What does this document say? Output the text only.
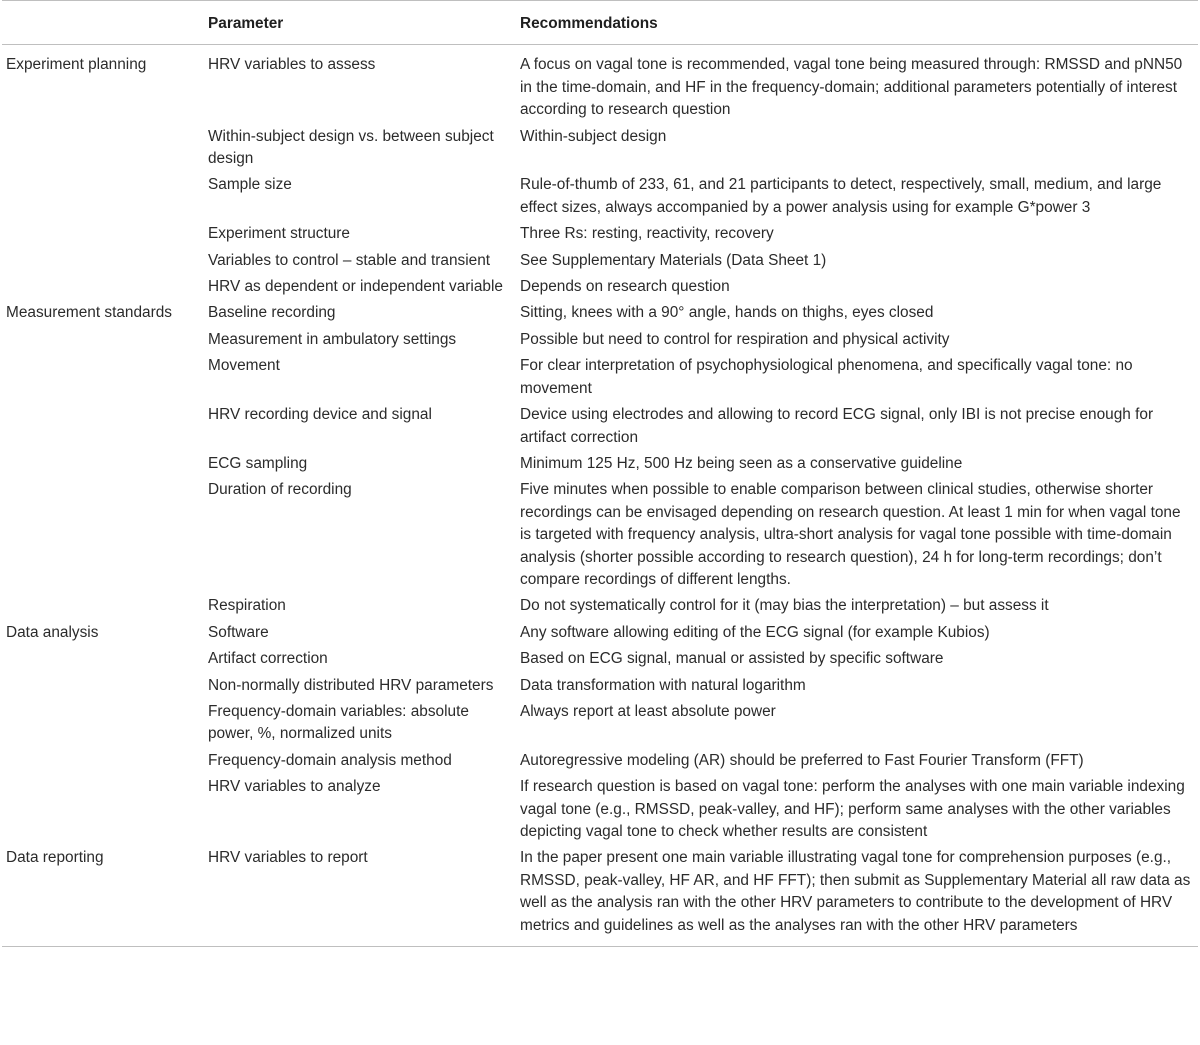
	Parameter	Recommendations
Experiment planning	HRV variables to assess	A focus on vagal tone is recommended, vagal tone being measured through: RMSSD and pNN50 in the time-domain, and HF in the frequency-domain; additional parameters potentially of interest according to research question
	Within-subject design vs. between subject design	Within-subject design
	Sample size	Rule-of-thumb of 233, 61, and 21 participants to detect, respectively, small, medium, and large effect sizes, always accompanied by a power analysis using for example G*power 3
	Experiment structure	Three Rs: resting, reactivity, recovery
	Variables to control – stable and transient	See Supplementary Materials (Data Sheet 1)
	HRV as dependent or independent variable	Depends on research question
Measurement standards	Baseline recording	Sitting, knees with a 90° angle, hands on thighs, eyes closed
	Measurement in ambulatory settings	Possible but need to control for respiration and physical activity
	Movement	For clear interpretation of psychophysiological phenomena, and specifically vagal tone: no movement
	HRV recording device and signal	Device using electrodes and allowing to record ECG signal, only IBI is not precise enough for artifact correction
	ECG sampling	Minimum 125 Hz, 500 Hz being seen as a conservative guideline
	Duration of recording	Five minutes when possible to enable comparison between clinical studies, otherwise shorter recordings can be envisaged depending on research question. At least 1 min for when vagal tone is targeted with frequency analysis, ultra-short analysis for vagal tone possible with time-domain analysis (shorter possible according to research question), 24 h for long-term recordings; don’t compare recordings of different lengths.
	Respiration	Do not systematically control for it (may bias the interpretation) – but assess it
Data analysis	Software	Any software allowing editing of the ECG signal (for example Kubios)
	Artifact correction	Based on ECG signal, manual or assisted by specific software
	Non-normally distributed HRV parameters	Data transformation with natural logarithm
	Frequency-domain variables: absolute power, %, normalized units	Always report at least absolute power
	Frequency-domain analysis method	Autoregressive modeling (AR) should be preferred to Fast Fourier Transform (FFT)
	HRV variables to analyze	If research question is based on vagal tone: perform the analyses with one main variable indexing vagal tone (e.g., RMSSD, peak-valley, and HF); perform same analyses with the other variables depicting vagal tone to check whether results are consistent
Data reporting	HRV variables to report	In the paper present one main variable illustrating vagal tone for comprehension purposes (e.g., RMSSD, peak-valley, HF AR, and HF FFT); then submit as Supplementary Material all raw data as well as the analysis ran with the other HRV parameters to contribute to the development of HRV metrics and guidelines as well as the analyses ran with the other HRV parameters
